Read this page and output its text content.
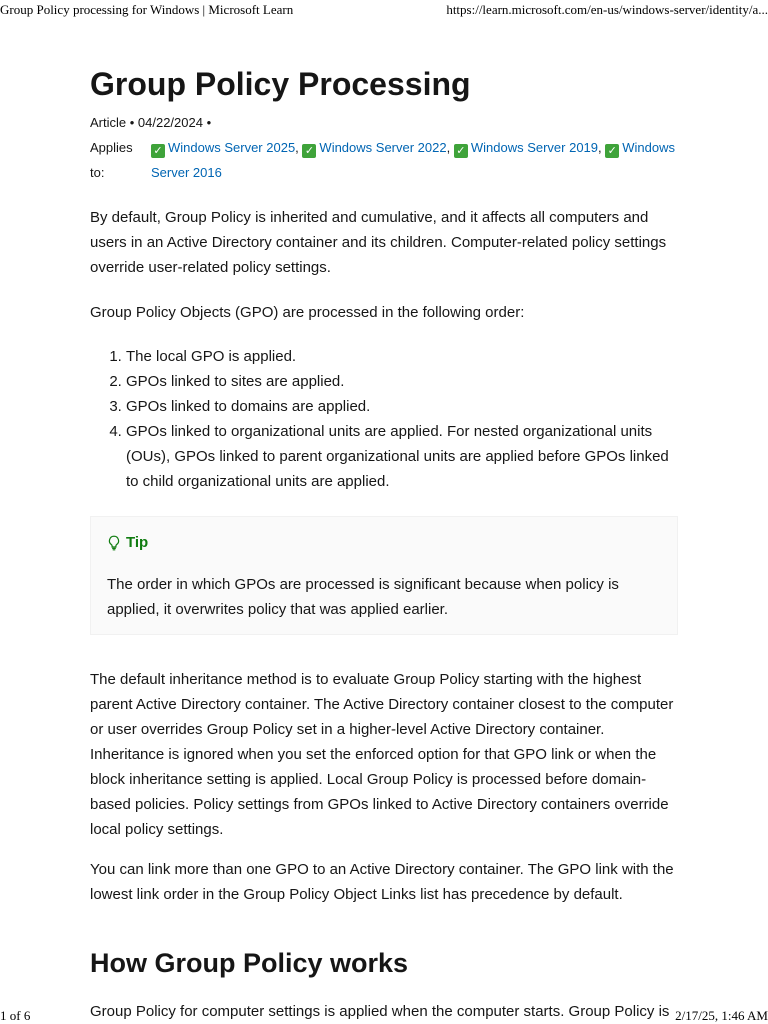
Group Policy processing for Windows | Microsoft Learn	https://learn.microsoft.com/en-us/windows-server/identity/a...
Group Policy Processing
Article • 04/22/2024 •
Applies
to:
✓ Windows Server 2025, ✓ Windows Server 2022, ✓ Windows Server 2019, ✓ Windows Server 2016

By default, Group Policy is inherited and cumulative, and it affects all computers and users in an Active Directory container and its children. Computer-related policy settings override user-related policy settings.

Group Policy Objects (GPO) are processed in the following order:

1. The local GPO is applied.
2. GPOs linked to sites are applied.
3. GPOs linked to domains are applied.
4. GPOs linked to organizational units are applied. For nested organizational units (OUs), GPOs linked to parent organizational units are applied before GPOs linked to child organizational units are applied.
Tip

The order in which GPOs are processed is significant because when policy is applied, it overwrites policy that was applied earlier.

The default inheritance method is to evaluate Group Policy starting with the highest parent Active Directory container. The Active Directory container closest to the computer or user overrides Group Policy set in a higher-level Active Directory container. Inheritance is ignored when you set the enforced option for that GPO link or when the block inheritance setting is applied. Local Group Policy is processed before domain-based policies. Policy settings from GPOs linked to Active Directory containers override local policy settings.

You can link more than one GPO to an Active Directory container. The GPO link with the lowest link order in the Group Policy Object Links list has precedence by default.

How Group Policy works

Group Policy for computer settings is applied when the computer starts. Group Policy is

1 of 6	2/17/25, 1:46 AM
